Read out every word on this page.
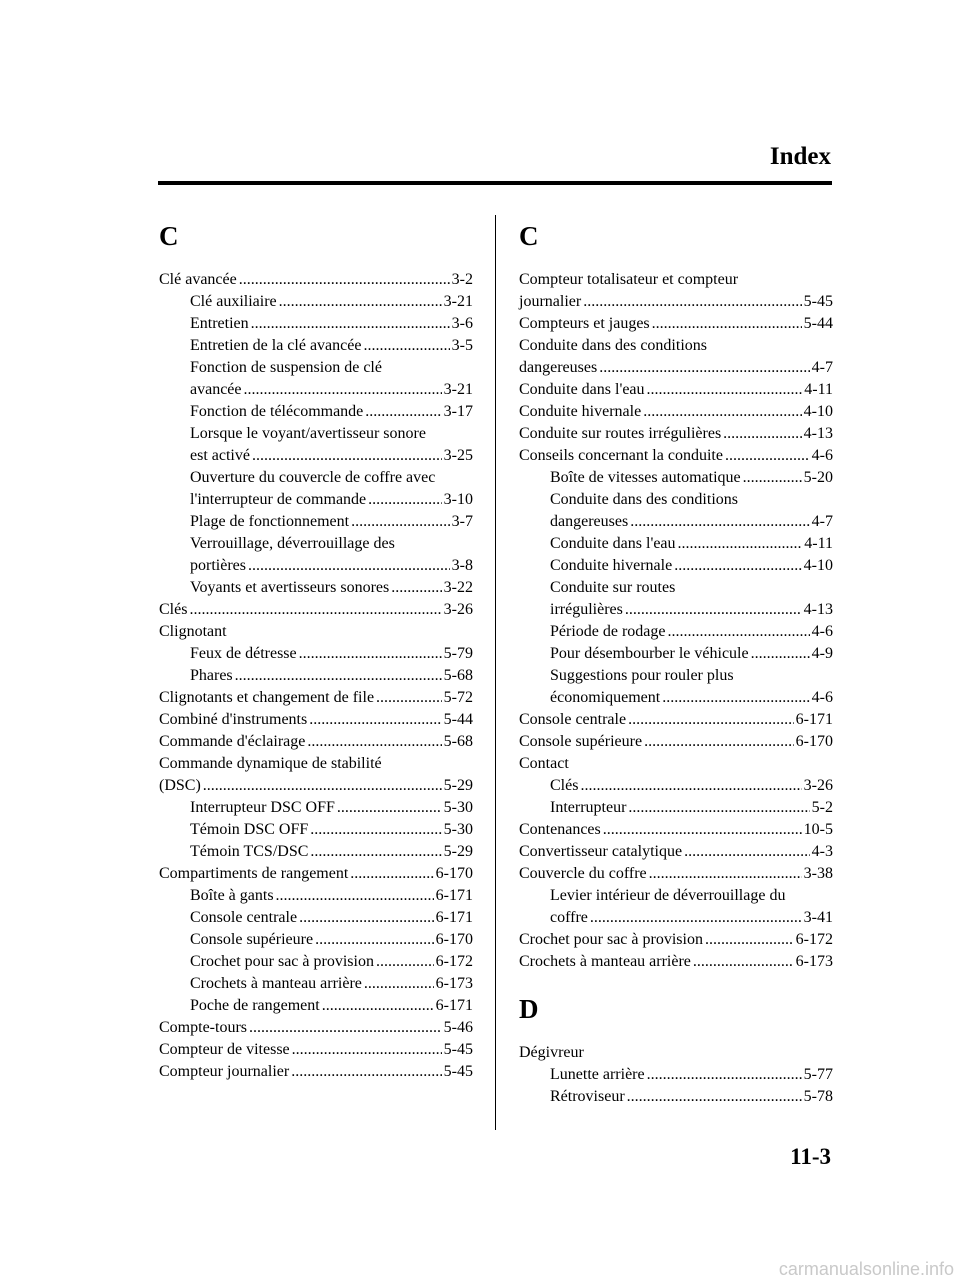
Index
C
Clé avancée .....	3-2
Clé auxiliaire .....	3-21
Entretien .....	3-6
Entretien de la clé avancée .....	3-5
Fonction de suspension de clé
avancée .....	3-21
Fonction de télécommande .....	3-17
Lorsque le voyant/avertisseur sonore
est activé .....	3-25
Ouverture du couvercle de coffre avec
l'interrupteur de commande .....	3-10
Plage de fonctionnement .....	3-7
Verrouillage, déverrouillage des
portières .....	3-8
Voyants et avertisseurs sonores .....	3-22
Clés .....	3-26
Clignotant
Feux de détresse .....	5-79
Phares .....	5-68
Clignotants et changement de file .....	5-72
Combiné d'instruments .....	5-44
Commande d'éclairage .....	5-68
Commande dynamique de stabilité
(DSC) .....	5-29
Interrupteur DSC OFF .....	5-30
Témoin DSC OFF .....	5-30
Témoin TCS/DSC .....	5-29
Compartiments de rangement .....	6-170
Boîte à gants .....	6-171
Console centrale .....	6-171
Console supérieure .....	6-170
Crochet pour sac à provision .....	6-172
Crochets à manteau arrière .....	6-173
Poche de rangement .....	6-171
Compte-tours .....	5-46
Compteur de vitesse .....	5-45
Compteur journalier .....	5-45
C
Compteur totalisateur et compteur
journalier .....	5-45
Compteurs et jauges .....	5-44
Conduite dans des conditions
dangereuses .....	4-7
Conduite dans l'eau .....	4-11
Conduite hivernale .....	4-10
Conduite sur routes irrégulières .....	4-13
Conseils concernant la conduite .....	4-6
Boîte de vitesses automatique .....	5-20
Conduite dans des conditions
dangereuses .....	4-7
Conduite dans l'eau .....	4-11
Conduite hivernale .....	4-10
Conduite sur routes
irrégulières .....	4-13
Période de rodage .....	4-6
Pour désembourber le véhicule .....	4-9
Suggestions pour rouler plus
économiquement .....	4-6
Console centrale .....	6-171
Console supérieure .....	6-170
Contact
Clés .....	3-26
Interrupteur .....	5-2
Contenances .....	10-5
Convertisseur catalytique .....	4-3
Couvercle du coffre .....	3-38
Levier intérieur de déverrouillage du
coffre .....	3-41
Crochet pour sac à provision .....	6-172
Crochets à manteau arrière .....	6-173
D
Dégivreur
Lunette arrière .....	5-77
Rétroviseur .....	5-78
11-3
carmanualsonline.info
